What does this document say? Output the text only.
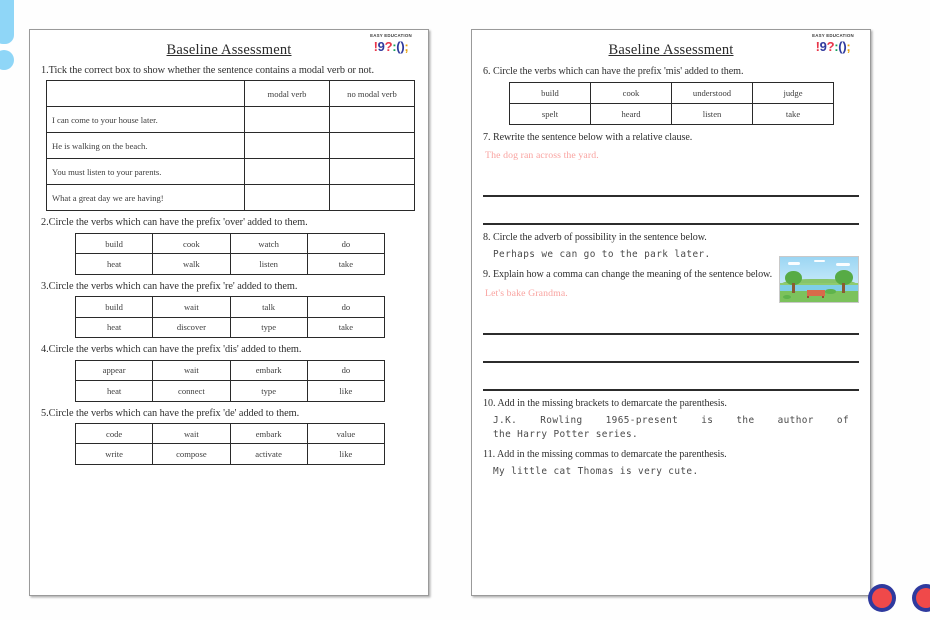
EASY EDUCATION
!9?:();
Baseline Assessment
1.Tick the correct box to show whether the sentence contains a modal verb or not.
	modal verb	no modal verb
I can come to your house later.		
He is walking on the beach.		
You must listen to your parents.		
What a great day we are having!		
2.Circle the verbs which can have the prefix 'over' added to them.
build	cook	watch	do
heat	walk	listen	take
3.Circle the verbs which can have the prefix 're' added to them.
build	wait	talk	do
heat	discover	type	take
4.Circle the verbs which can have the prefix 'dis' added to them.
appear	wait	embark	do
heat	connect	type	like
5.Circle the verbs which can have the prefix 'de' added to them.
code	wait	embark	value
write	compose	activate	like
EASY EDUCATION
!9?:();
Baseline Assessment
6. Circle the verbs which can have the prefix 'mis' added to them.
build	cook	understood	judge
spelt	heard	listen	take
7. Rewrite the sentence below with a relative clause.
The dog ran across the yard.
8. Circle the adverb of possibility in the sentence below.
Perhaps we can go to the park later.
9. Explain how a comma can change the meaning of the sentence below.
Let's bake Grandma.
10. Add in the missing brackets to demarcate the parenthesis.
J.K. Rowling 1965-present is the author of
the Harry Potter series.
11. Add in the missing commas to demarcate the parenthesis.
My little cat Thomas is very cute.
